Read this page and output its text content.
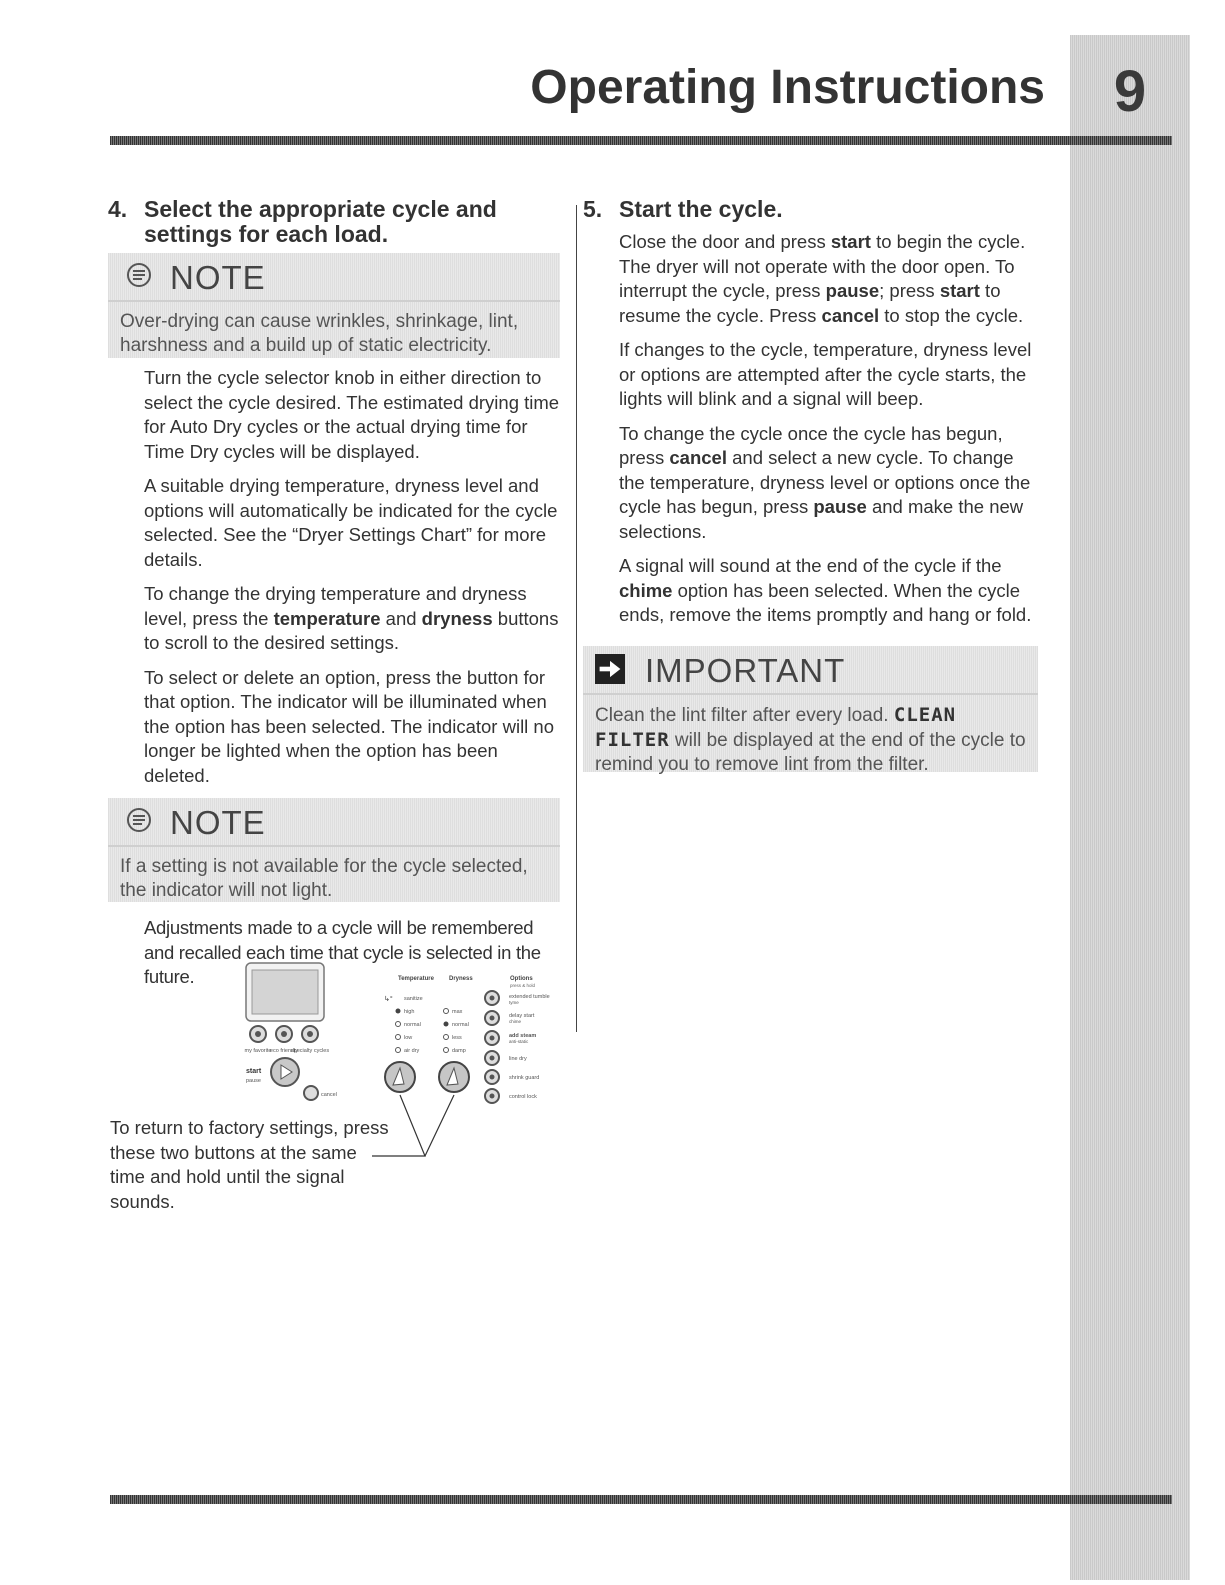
9
Operating Instructions
4. Select the appropriate cycle and
settings for each load.
NOTE
Over-drying can cause wrinkles, shrinkage, lint,
harshness and a build up of static electricity.

Turn the cycle selector knob in either direction to select the cycle desired. The estimated drying time for Auto Dry cycles or the actual drying time for Time Dry cycles will be displayed.

A suitable drying temperature, dryness level and options will automatically be indicated for the cycle selected. See the “Dryer Settings Chart” for more details.

To change the drying temperature and dryness level, press the temperature and dryness buttons to scroll to the desired settings.

To select or delete an option, press the button for that option. The indicator will be illuminated when the option has been selected. The indicator will no longer be lighted when the option has been deleted.

NOTE
If a setting is not available for the cycle selected,
the indicator will not light.

Adjustments made to a cycle will be remembered and recalled each time that cycle is selected in the future.

5. Start the cycle.

Close the door and press start to begin the cycle. The dryer will not operate with the door open. To interrupt the cycle, press pause; press start to resume the cycle. Press cancel to stop the cycle.

If changes to the cycle, temperature, dryness level or options are attempted after the cycle starts, the lights will blink and a signal will beep.

To change the cycle once the cycle has begun, press cancel and select a new cycle. To change the temperature, dryness level or options once the cycle has begun, press pause and make the new selections.

A signal will sound at the end of the cycle if the chime option has been selected. When the cycle ends, remove the items promptly and hang or fold.

IMPORTANT
Clean the lint filter after every load. CLEAN
FILTER will be displayed at the end of the cycle to remind you to remove lint from the filter.
my favorite
eco friendly
specialty cycles
start
pause
cancel
Temperature	Dryness	Options
press & hold
sanitize
high
normal
low
air dry
↳°
max
normal
less
damp
extended tumble
tyme
delay start
chime
add steam
anti-static
line dry
shrink guard
control lock
To return to factory settings, press these two buttons at the same time and hold until the signal sounds.
